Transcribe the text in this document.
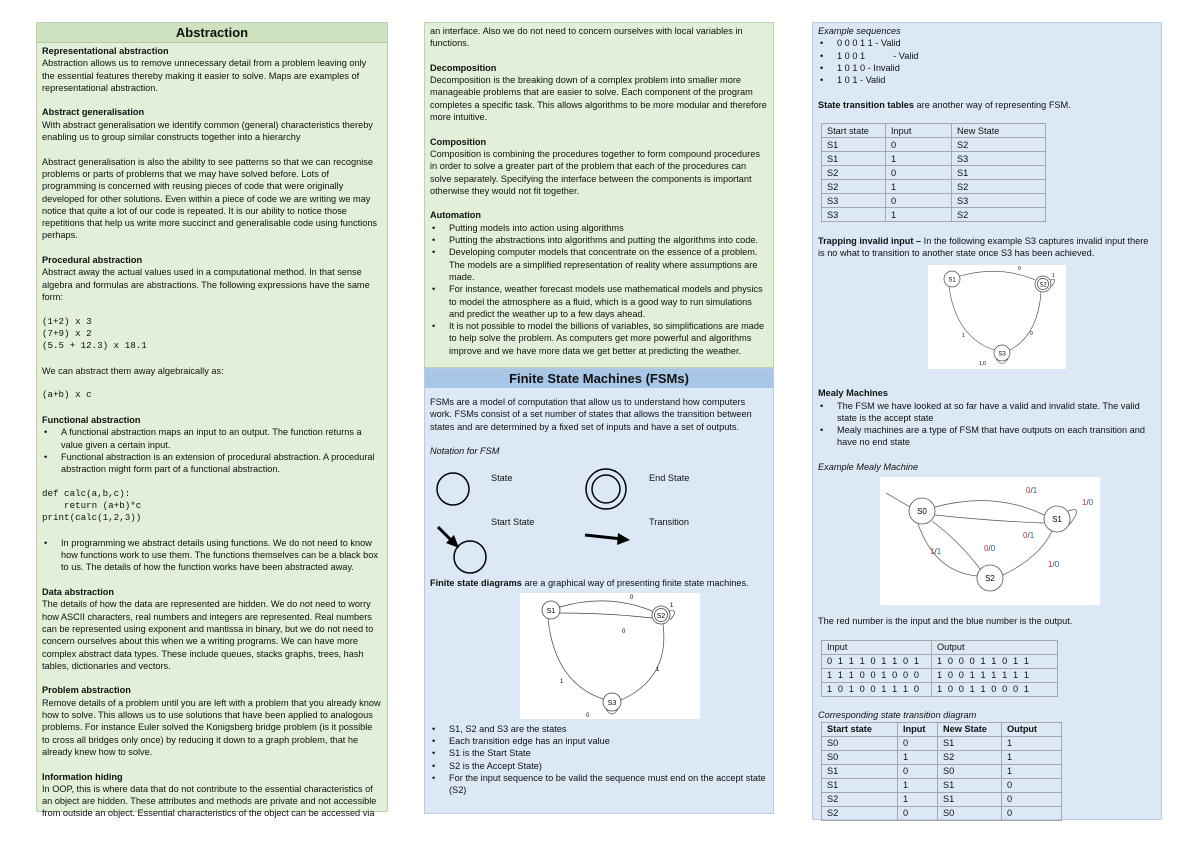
Abstraction

Representational abstraction

Abstraction allows us to remove unnecessary detail from a problem leaving only the essential features thereby making it easier to solve. Maps are examples of representational abstraction.

Abstract generalisation

With abstract generalisation we identify common (general) characteristics thereby enabling us to group similar constructs together into a hierarchy

Abstract generalisation is also the ability to see patterns so that we can recognise problems or parts of problems that we may have solved before. Lots of programming is concerned with reusing pieces of code that were originally developed for other solutions. Even within a piece of code we are writing we may notice that quite a lot of our code is repeated. It is our ability to notice those repetitions that help us write more succinct and generalisable code using functions perhaps.

Procedural abstraction

Abstract away the actual values used in a computational method. In that sense algebra and formulas are abstractions. The following expressions have the same form:

(1+2) x 3
(7+9) x 2
(5.5 + 12.3) x 18.1

We can abstract them away algebraically as:

(a+b) x c

Functional abstraction

• A functional abstraction maps an input to an output. The function returns a value given a certain input.
• Functional abstraction is an extension of procedural abstraction. A procedural abstraction might form part of a functional abstraction.

def calc(a,b,c):
return (a+b)*c
print(calc(1,2,3))

• In programming we abstract details using functions. We do not need to know how functions work to use them. The functions themselves can be a black box to us. The details of how the function works have been abstracted away.

Data abstraction

The details of how the data are represented are hidden. We do not need to worry how ASCII characters, real numbers and integers are represented. Real numbers can be represented using exponent and mantissa in binary, but we do not need to concern ourselves about this when we a writing programs. We can have more complex abstract data types. These include queues, stacks graphs, trees, hash tables, dictionaries and vectors.

Problem abstraction

Remove details of a problem until you are left with a problem that you already know how to solve. This allows us to use solutions that have been applied to analogous problems. For instance Euler solved the Konigsberg bridge problem (is it possible to cross all bridges only once) by reducing it down to a graph problem, that he already knew how to solve.

Information hiding

In OOP, this is where data that do not contribute to the essential characteristics of an object are hidden. These attributes and methods are private and not accessible from outside an object. Essential characteristics of the object can be accessed via

an interface. Also we do not need to concern ourselves with local variables in functions.

Decomposition

Decomposition is the breaking down of a complex problem into smaller more manageable problems that are easier to solve. Each component of the program completes a specific task. This allows algorithms to be more modular and therefore more intuitive.

Composition

Composition is combining the procedures together to form compound procedures in order to solve a greater part of the problem that each of the procedures can solve separately. Specifying the interface between the components is important otherwise they would not fit together.

Automation

• Putting models into action using algorithms
• Putting the abstractions into algorithms and putting the algorithms into code.
• Developing computer models that concentrate on the essence of a problem. The models are a simplified representation of reality where assumptions are made.
• For instance, weather forecast models use mathematical models and physics to model the atmosphere as a fluid, which is a good way to run simulations and predict the weather up to a few days ahead.
• It is not possible to model the billions of variables, so simplifications are made to help solve the problem. As computers get more powerful and algorithms improve and we have more data we get better at predicting the weather.
Finite State Machines (FSMs)

FSMs are a model of computation that allow us to understand how computers work. FSMs consist of a set number of states that allows the transition between states and are determined by a fixed set of inputs and have a set of outputs.

Notation for FSM

State	End State
Start State	Transition

Finite state diagrams are a graphical way of presenting finite state machines.

S1
S2
S3
0
1
0
1
1
0
• S1, S2 and S3 are the states
• Each transition edge has an input value
• S1 is the Start State
• S2 is the Accept State)
• For the input sequence to be valid the sequence must end on the accept state (S2)

Example sequences

• 0 0 0 1 1 - Valid
• 1 0 0 1           - Valid
• 1 0 1 0 - Invalid
• 1 0 1 - Valid

State transition tables are another way of representing FSM.

Start state	Input	New State
S1	0	S2
S1	1	S3
S2	0	S1
S2	1	S2
S3	0	S3
S3	1	S2

Trapping invalid input – In the following example S3 captures invalid input there is no what to transition to another state once S3 has been achieved.

S1
S2
S3
0
1
1	0
1,0

Mealy Machines

• The FSM we have looked at so far have a valid and invalid state. The valid state is the accept state
• Mealy machines are a type of FSM that have outputs on each transition and have no end state

Example Mealy Machine

S0
S1
S2
0/1
1/0
0/1
1/1	0/0
1/0

The red number is the input and the blue number is the output.

Input	Output
0 1 1 1 0 1 1 0 1	1 0 0 0 1 1 0 1 1
1 1 1 0 0 1 0 0 0	1 0 0 1 1 1 1 1 1
1 0 1 0 0 1 1 1 0	1 0 0 1 1 0 0 0 1

Corresponding state transition diagram

Start state	Input	New State	Output
S0	0	S1	1
S0	1	S2	1
S1	0	S0	1
S1	1	S1	0
S2	1	S1	0
S2	0	S0	0
